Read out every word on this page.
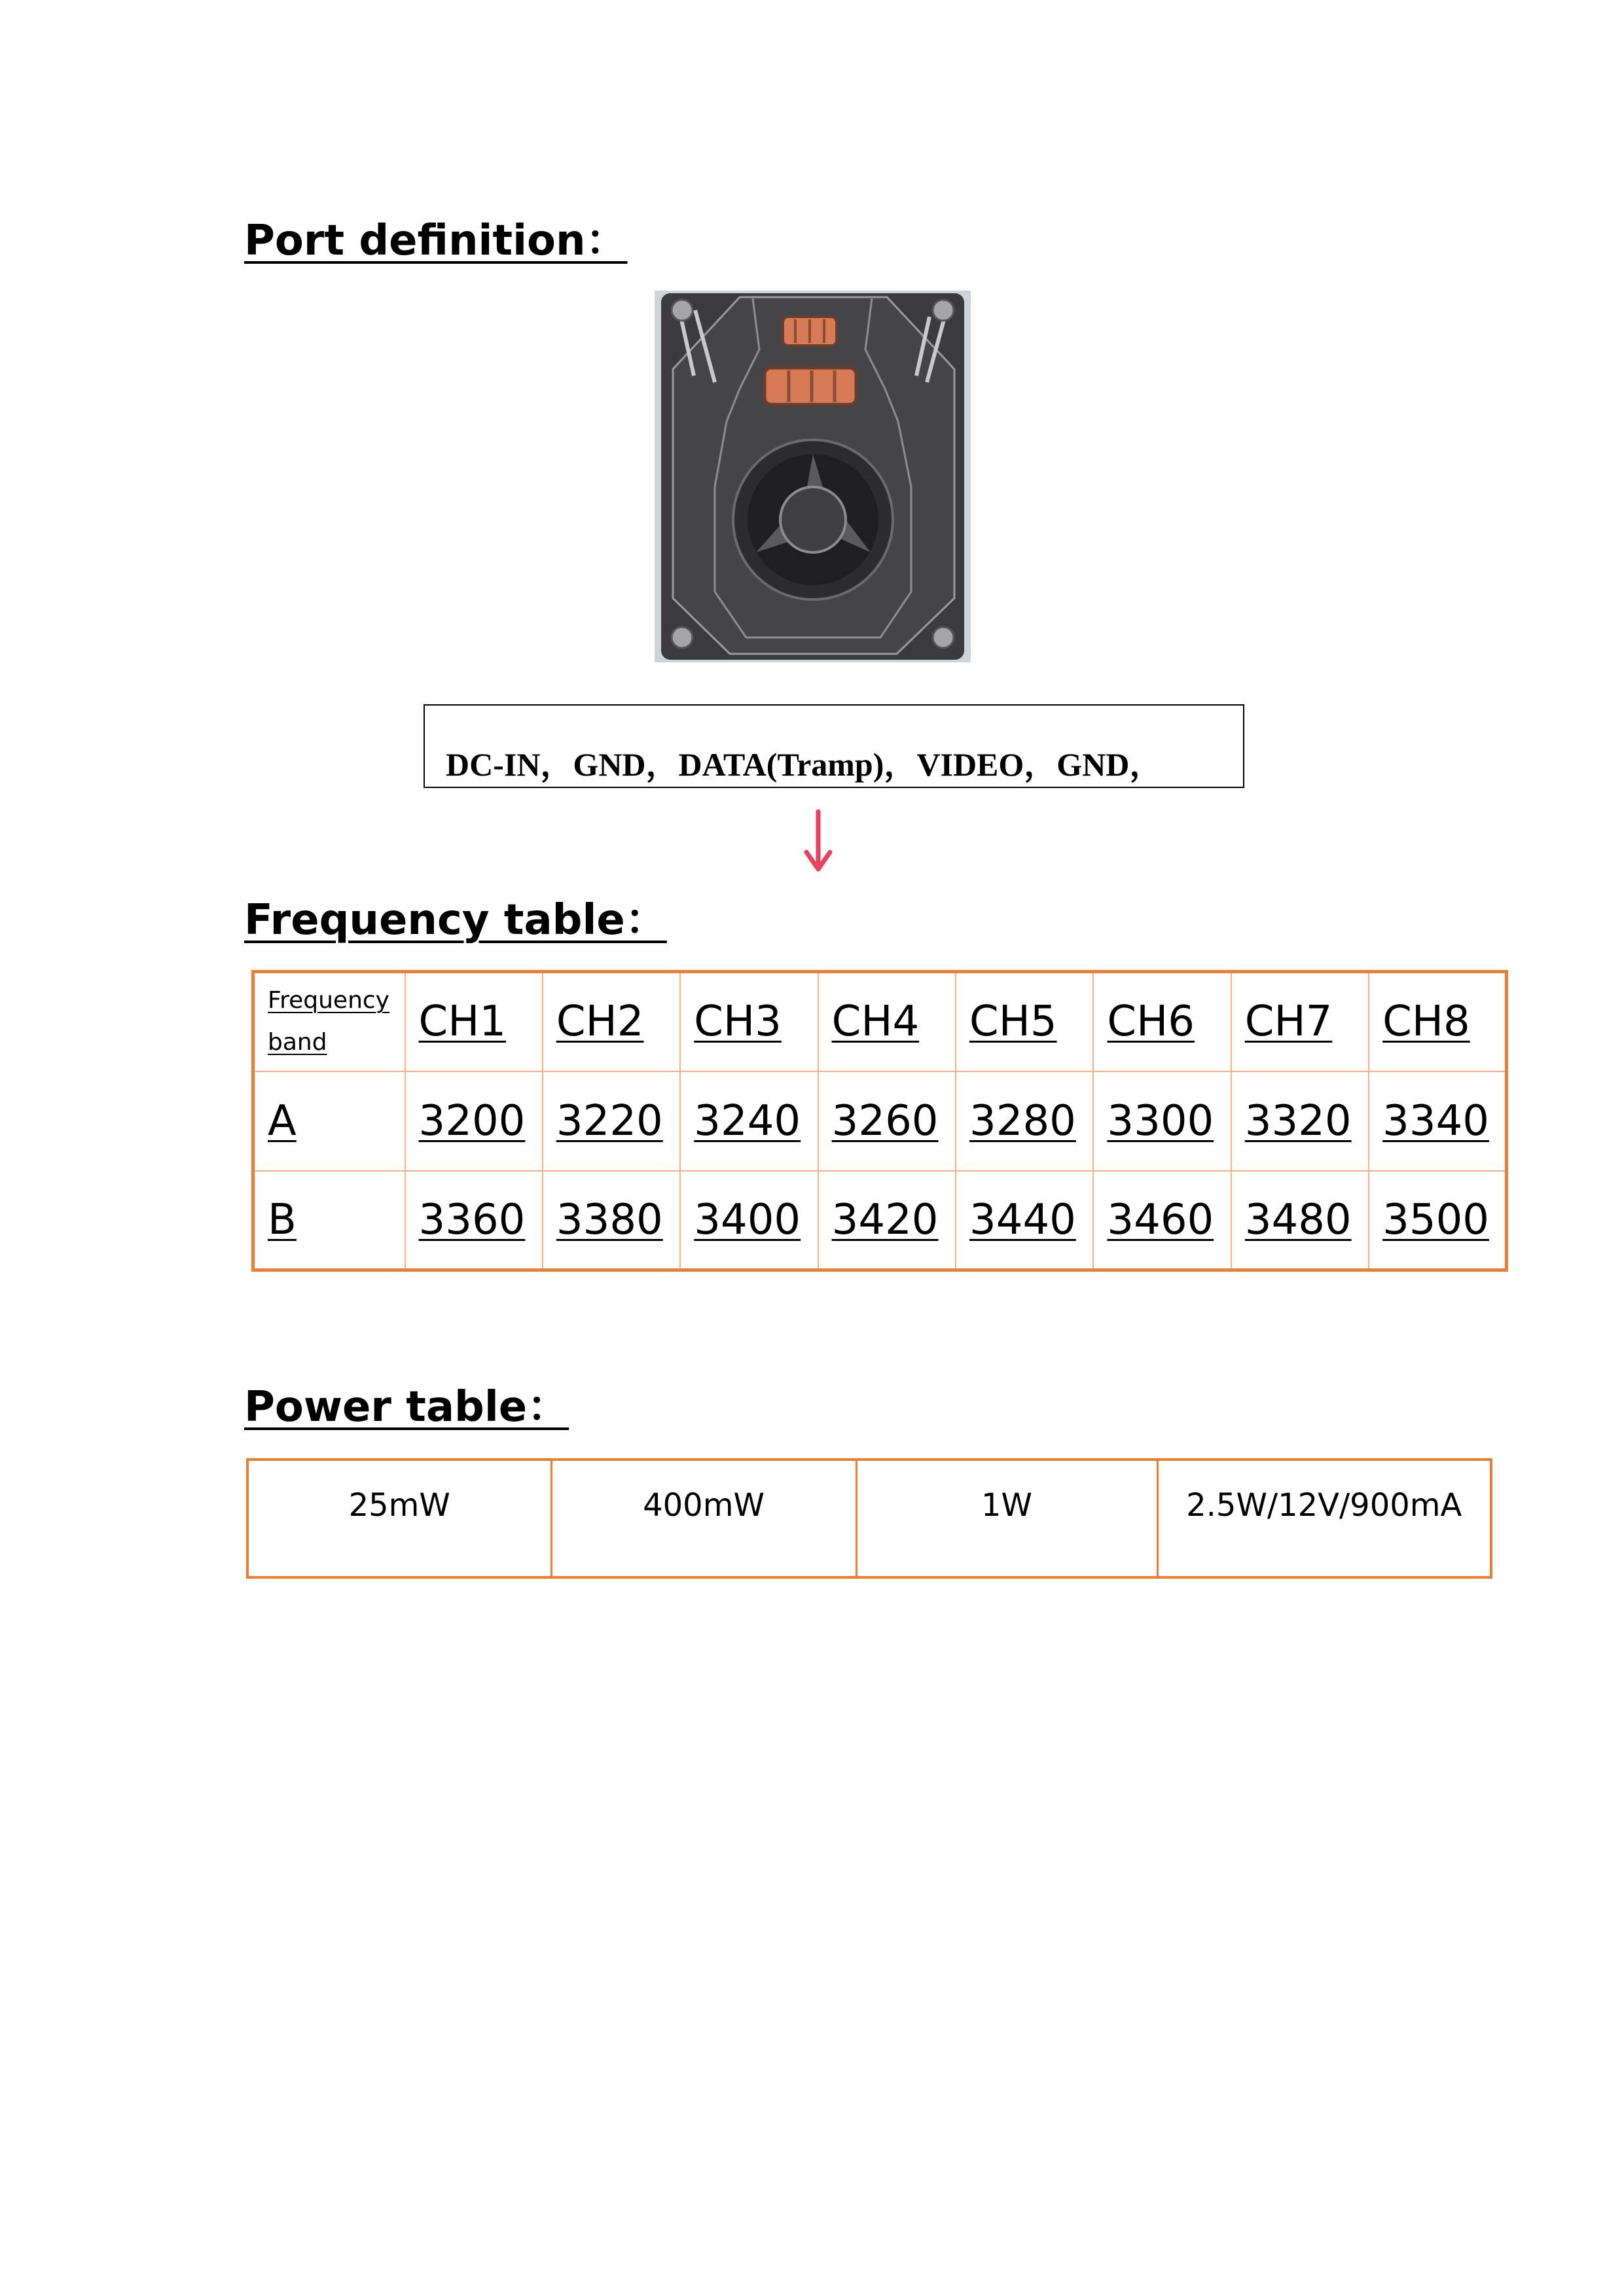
Port definition：
DC-IN，GND，DATA(Tramp)，VIDEO，GND，
Frequency table：
Frequency band	CH1	CH2	CH3	CH4	CH5	CH6	CH7	CH8
A	3200	3220	3240	3260	3280	3300	3320	3340
B	3360	3380	3400	3420	3440	3460	3480	3500
Power table：
25mW	400mW	1W	2.5W/12V/900mA
